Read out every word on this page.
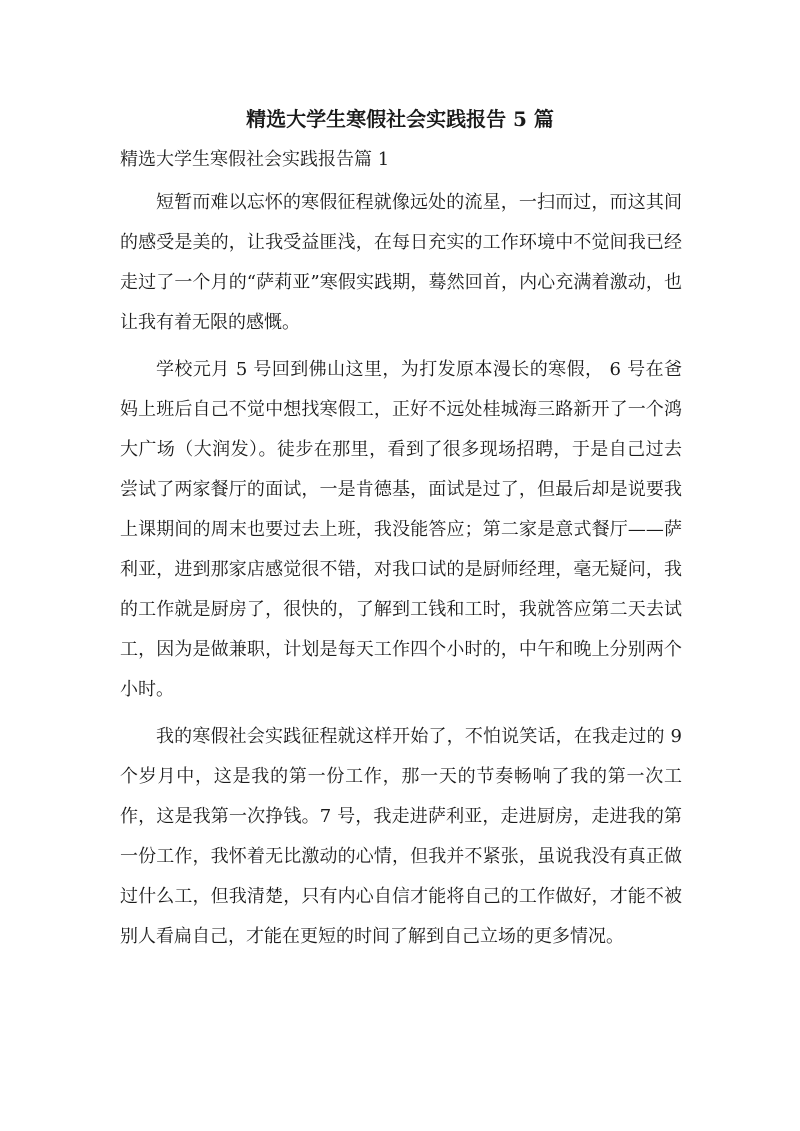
精选大学生寒假社会实践报告 5 篇
精选大学生寒假社会实践报告篇 1

短暂而难以忘怀的寒假征程就像远处的流星，一扫而过，而这其间的感受是美的，让我受益匪浅，在每日充实的工作环境中不觉间我已经走过了一个月的“萨莉亚”寒假实践期，蓦然回首，内心充满着激动，也让我有着无限的感慨。

学校元月 5 号回到佛山这里，为打发原本漫长的寒假， 6 号在爸妈上班后自己不觉中想找寒假工，正好不远处桂城海三路新开了一个鸿大广场（大润发）。徒步在那里，看到了很多现场招聘，于是自己过去尝试了两家餐厅的面试，一是肯德基，面试是过了，但最后却是说要我上课期间的周末也要过去上班，我没能答应；第二家是意式餐厅——萨利亚，进到那家店感觉很不错，对我口试的是厨师经理，毫无疑问，我的工作就是厨房了，很快的，了解到工钱和工时，我就答应第二天去试工，因为是做兼职，计划是每天工作四个小时的，中午和晚上分别两个小时。

我的寒假社会实践征程就这样开始了，不怕说笑话，在我走过的 9 个岁月中，这是我的第一份工作，那一天的节奏畅响了我的第一次工作，这是我第一次挣钱。7 号，我走进萨利亚，走进厨房，走进我的第一份工作，我怀着无比激动的心情，但我并不紧张，虽说我没有真正做过什么工，但我清楚，只有内心自信才能将自己的工作做好，才能不被别人看扁自己，才能在更短的时间了解到自己立场的更多情况。
